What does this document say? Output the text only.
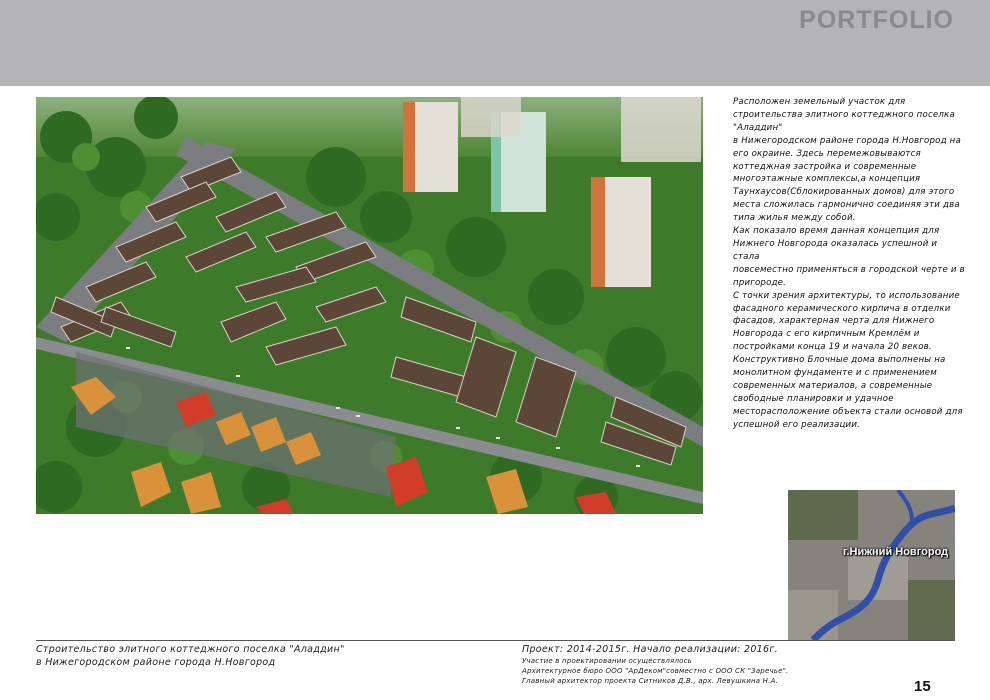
PORTFOLIO

Расположен земельный участок для

строительства элитного коттеджного поселка

"Аладдин"

в Нижегородском районе города Н.Новгород на

его окраине. Здесь перемежовываются

коттеджная застройка и современные

многоэтажные комплексы,а концепция

Таунхаусов(Сблокированных домов) для этого

места сложилась гармонично соединяя эти два

типа жилья между собой.

Как показало время данная концепция для

Нижнего Новгорода оказалась успешной и стала

повсеместно применяться в городской черте и в

пригороде.

С точки зрения архитектуры, то использование

фасадного керамического кирпича в отделки

фасадов, характерная черта для Нижнего

Новгорода с его кирпичным Кремлём и

постройками конца 19 и начала 20 веков.

Конструктивно Блочные дома выполнены на

монолитном фундаменте и с применением

современных материалов, а современные

свободные планировки и удачное

месторасположение объекта стали основой для

успешной его реализации.

г.Нижний Новгород
Строительство элитного коттеджного поселка "Аладдин"
в Нижегородском районе города Н.Новгород
Проект: 2014-2015г. Начало реализации: 2016г.
Участие в проектировании осуществлялось
Архитектурное бюро ООО "АрДеком"совместно с ООО СК "Заречье".
Главный архитектор проекта Ситников Д.В., арх. Левушкина Н.А.	15
